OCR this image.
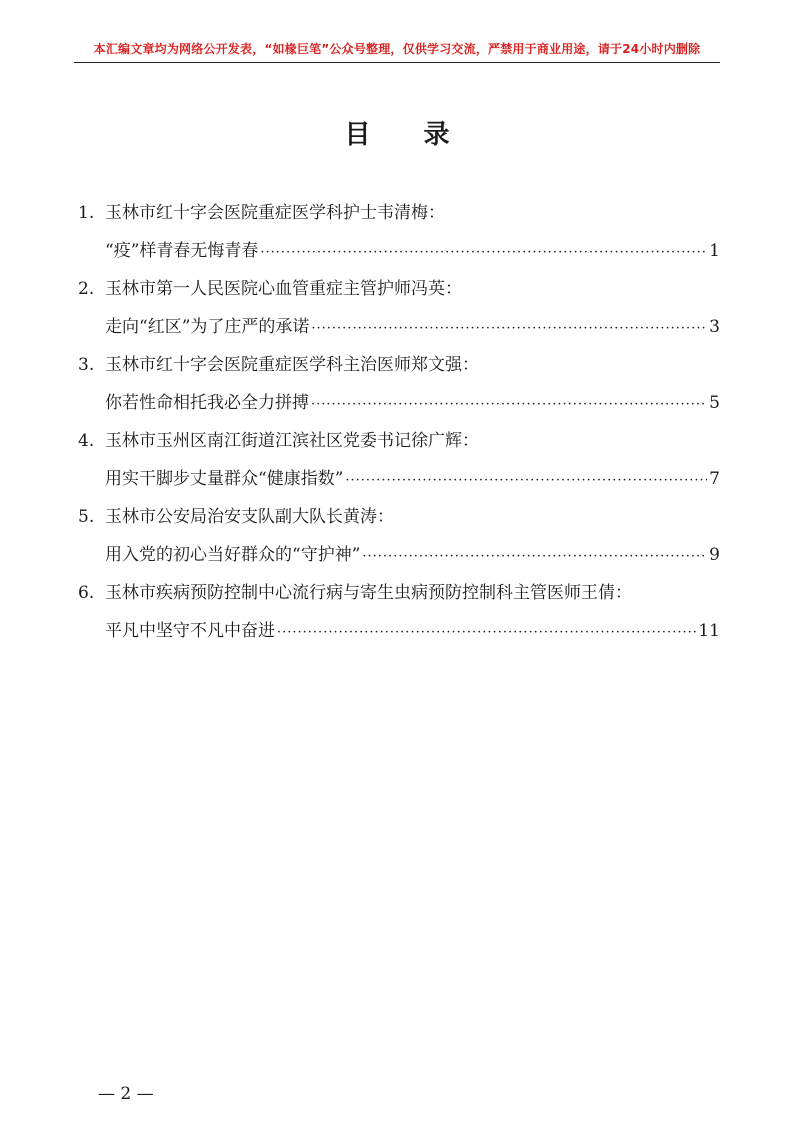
本汇编文章均为网络公开发表，“如椽巨笔”公众号整理，仅供学习交流，严禁用于商业用途，请于24小时内删除
目 录
1. 玉林市红十字会医院重症医学科护士韦清梅：
“疫”样青春无悔青春 ·····	1
2. 玉林市第一人民医院心血管重症主管护师冯英：
走向“红区”为了庄严的承诺 ·····	3
3. 玉林市红十字会医院重症医学科主治医师郑文强：
你若性命相托我必全力拼搏 ·····	5
4. 玉林市玉州区南江街道江滨社区党委书记徐广辉：
用实干脚步丈量群众“健康指数” ·····	7
5. 玉林市公安局治安支队副大队长黄涛：
用入党的初心当好群众的“守护神” ·····	9
6. 玉林市疾病预防控制中心流行病与寄生虫病预防控制科主管医师王倩：
平凡中坚守不凡中奋进 ·····	11
— 2 —
